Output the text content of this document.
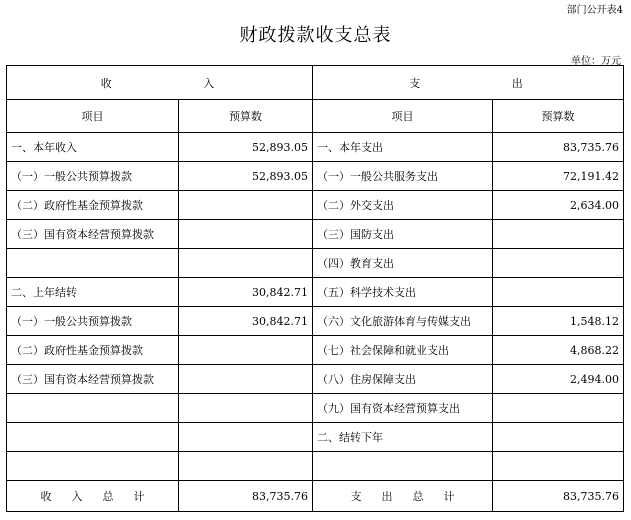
部门公开表4
财政拨款收支总表
单位：万元
收 入		支 出	
项目	预算数	项目	预算数
一、本年收入	52,893.05	一、本年支出	83,735.76
（一）一般公共预算拨款	52,893.05	（一）一般公共服务支出	72,191.42
（二）政府性基金预算拨款		（二）外交支出	2,634.00
（三）国有资本经营预算拨款		（三）国防支出	
		（四）教育支出	
二、上年结转	30,842.71	（五）科学技术支出	
（一）一般公共预算拨款	30,842.71	（六）文化旅游体育与传媒支出	1,548.12
（二）政府性基金预算拨款		（七）社会保障和就业支出	4,868.22
（三）国有资本经营预算拨款		（八）住房保障支出	2,494.00
		（九）国有资本经营预算支出	
		二、结转下年	

收入总计	83,735.76	支出总计	83,735.76
